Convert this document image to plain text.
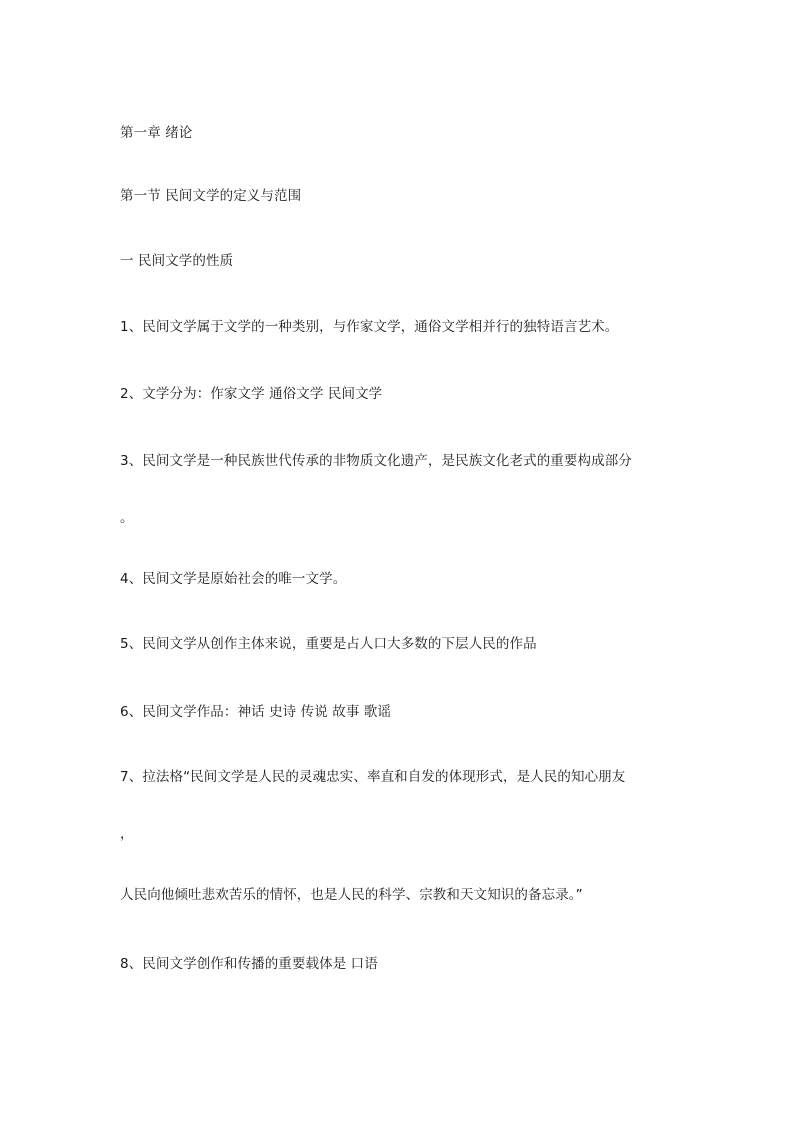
第一章 绪论
第一节 民间文学的定义与范围
一 民间文学的性质
1、民间文学属于文学的一种类别，与作家文学，通俗文学相并行的独特语言艺术。
2、文学分为：作家文学 通俗文学 民间文学
3、民间文学是一种民族世代传承的非物质文化遗产，是民族文化老式的重要构成部分
。
4、民间文学是原始社会的唯一文学。
5、民间文学从创作主体来说，重要是占人口大多数的下层人民的作品
6、民间文学作品：神话 史诗 传说 故事 歌谣
7、拉法格“民间文学是人民的灵魂忠实、率直和自发的体现形式，是人民的知心朋友
，
人民向他倾吐悲欢苦乐的情怀，也是人民的科学、宗教和天文知识的备忘录。”
8、民间文学创作和传播的重要载体是 口语
